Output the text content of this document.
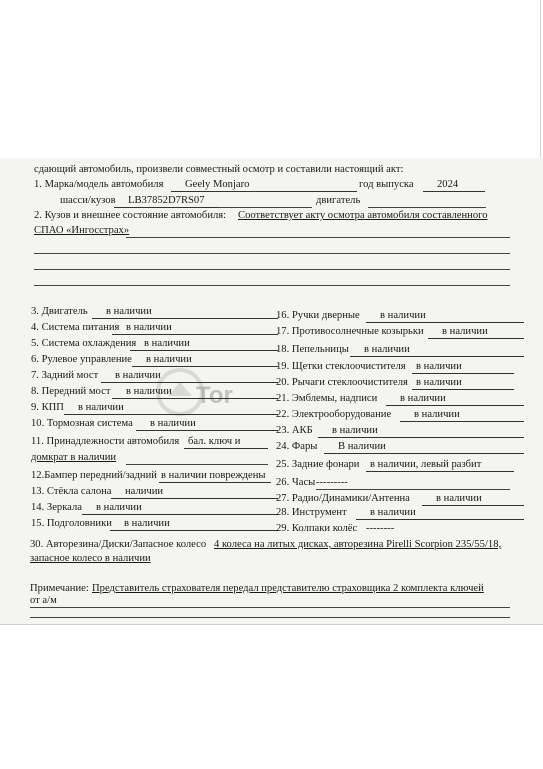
Tor
сдающий автомобиль, произвели совместный осмотр и составили настоящий акт:
1. Марка/модель автомобиля	Geely Monjaro	год выпуска	2024
шасси/кузов	LB37852D7RS07	двигатель
2. Кузов и внешнее состояние автомобиля: Соответствует акту осмотра автомобиля составленного
СПАО «Ингосстрах»
3. Двигатель	в наличии
4. Система питания в наличии
5. Система охлаждения в наличии
6. Рулевое управление	в наличии
7. Задний мост	в наличии
8. Передний мост	в наличии
9. КПП	в наличии
10. Тормозная система	в наличии
11. Принадлежности автомобиля бал. ключ и
домкрат в наличии
12.Бампер передний/задний в наличии повреждены
13. Стёкла салона	наличии
14. Зеркала	в наличии
15. Подголовники	в наличии
16. Ручки дверные	в наличии
17. Противосолнечные козырьки	в наличии
18. Пепельницы	в наличии
19. Щетки стеклоочистителя в наличии
20. Рычаги стеклоочистителя в наличии
21. Эмблемы, надписи	в наличии
22. Электрооборудование	в наличии
23. АКБ	в наличии
24. Фары	В наличии
25. Задние фонари в наличии, левый разбит
26. Часы ---------
27. Радио/Динамики/Антенна	в наличии
28. Инструмент	в наличии
29. Колпаки колёс --------
30. Авторезина/Диски/Запасное колесо 4 колеса на литых дисках, авторезина Pirelli Scorpion 235/55/18,
запасное колесо в наличии
Примечание: Представитель страхователя передал представителю страховщика 2 комплекта ключей
от а/м
